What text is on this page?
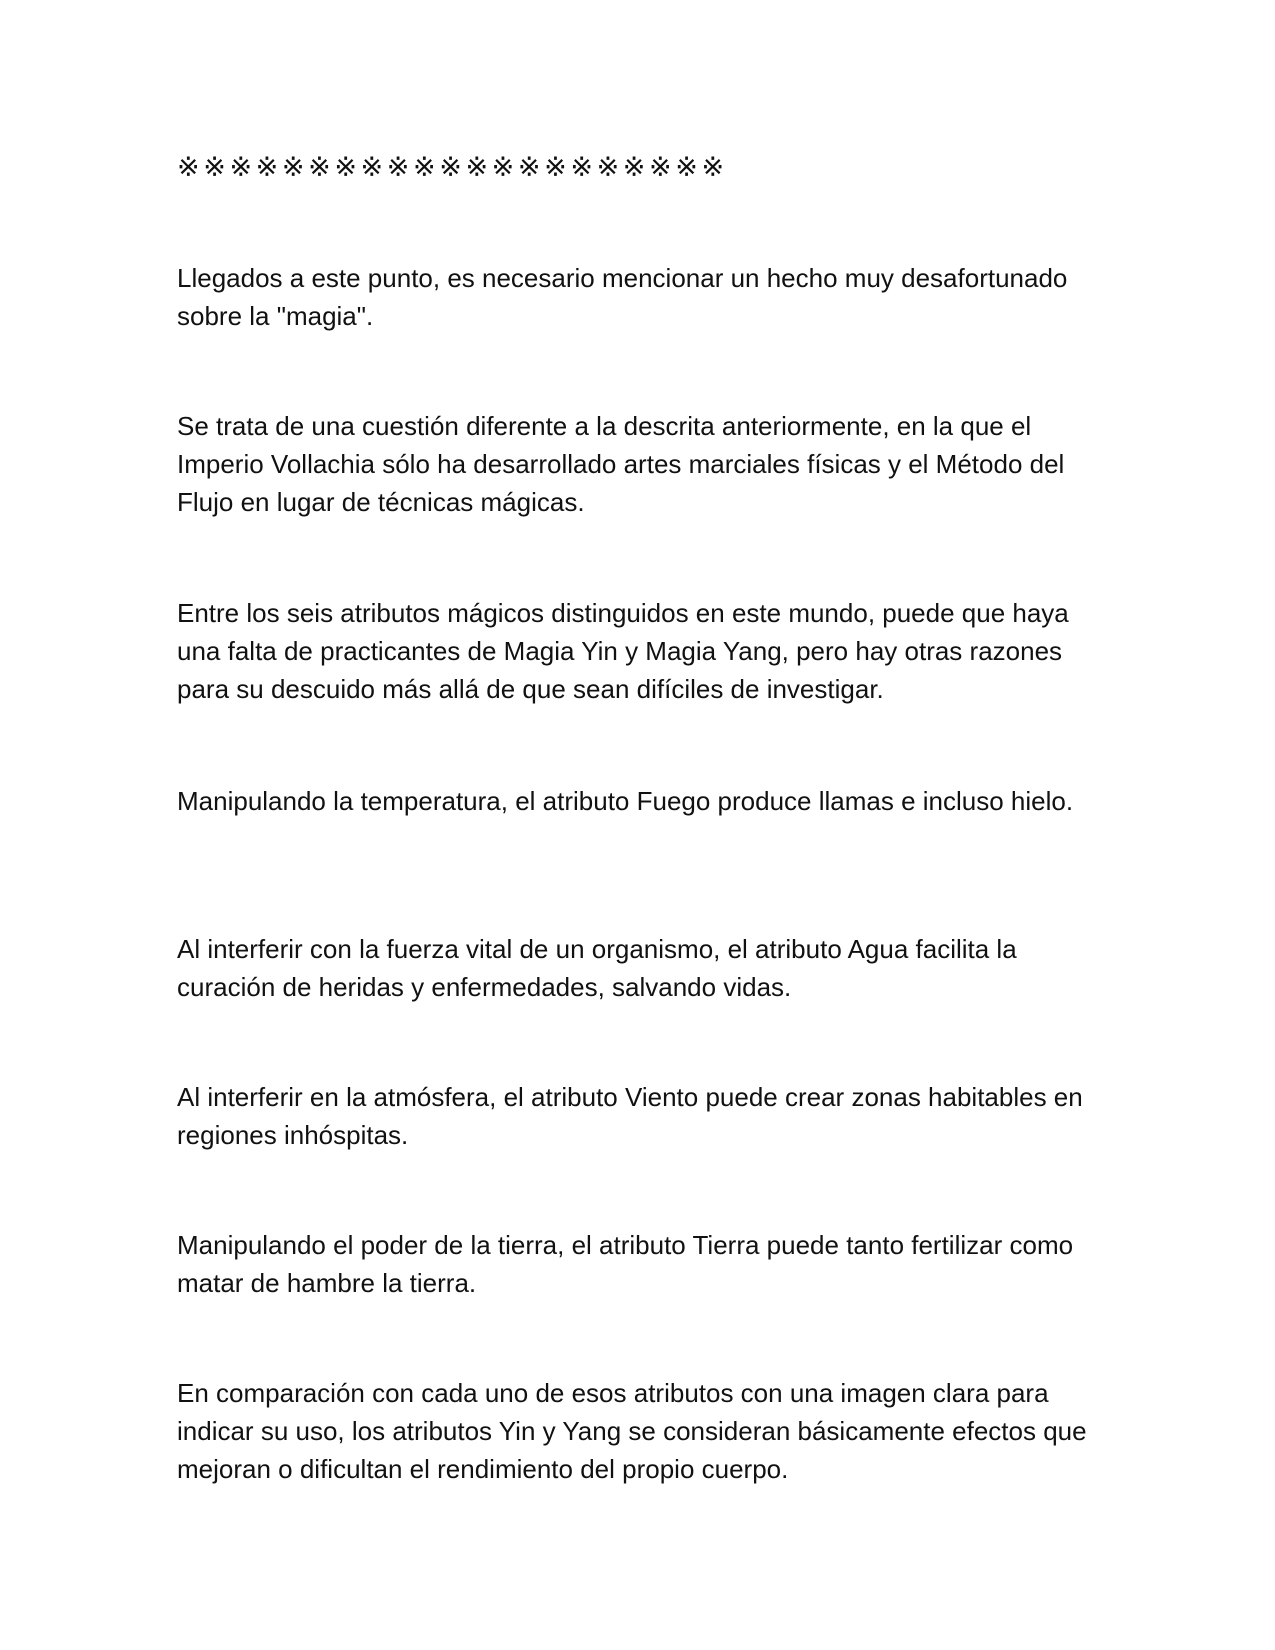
※※※※※※※※※※※※※※※※※※※※※

Llegados a este punto, es necesario mencionar un hecho muy desafortunado sobre la "magia".

Se trata de una cuestión diferente a la descrita anteriormente, en la que el Imperio Vollachia sólo ha desarrollado artes marciales físicas y el Método del Flujo en lugar de técnicas mágicas.

Entre los seis atributos mágicos distinguidos en este mundo, puede que haya una falta de practicantes de Magia Yin y Magia Yang, pero hay otras razones para su descuido más allá de que sean difíciles de investigar.

Manipulando la temperatura, el atributo Fuego produce llamas e incluso hielo.

Al interferir con la fuerza vital de un organismo, el atributo Agua facilita la curación de heridas y enfermedades, salvando vidas.

Al interferir en la atmósfera, el atributo Viento puede crear zonas habitables en regiones inhóspitas.

Manipulando el poder de la tierra, el atributo Tierra puede tanto fertilizar como matar de hambre la tierra.

En comparación con cada uno de esos atributos con una imagen clara para indicar su uso, los atributos Yin y Yang se consideran básicamente efectos que mejoran o dificultan el rendimiento del propio cuerpo.
